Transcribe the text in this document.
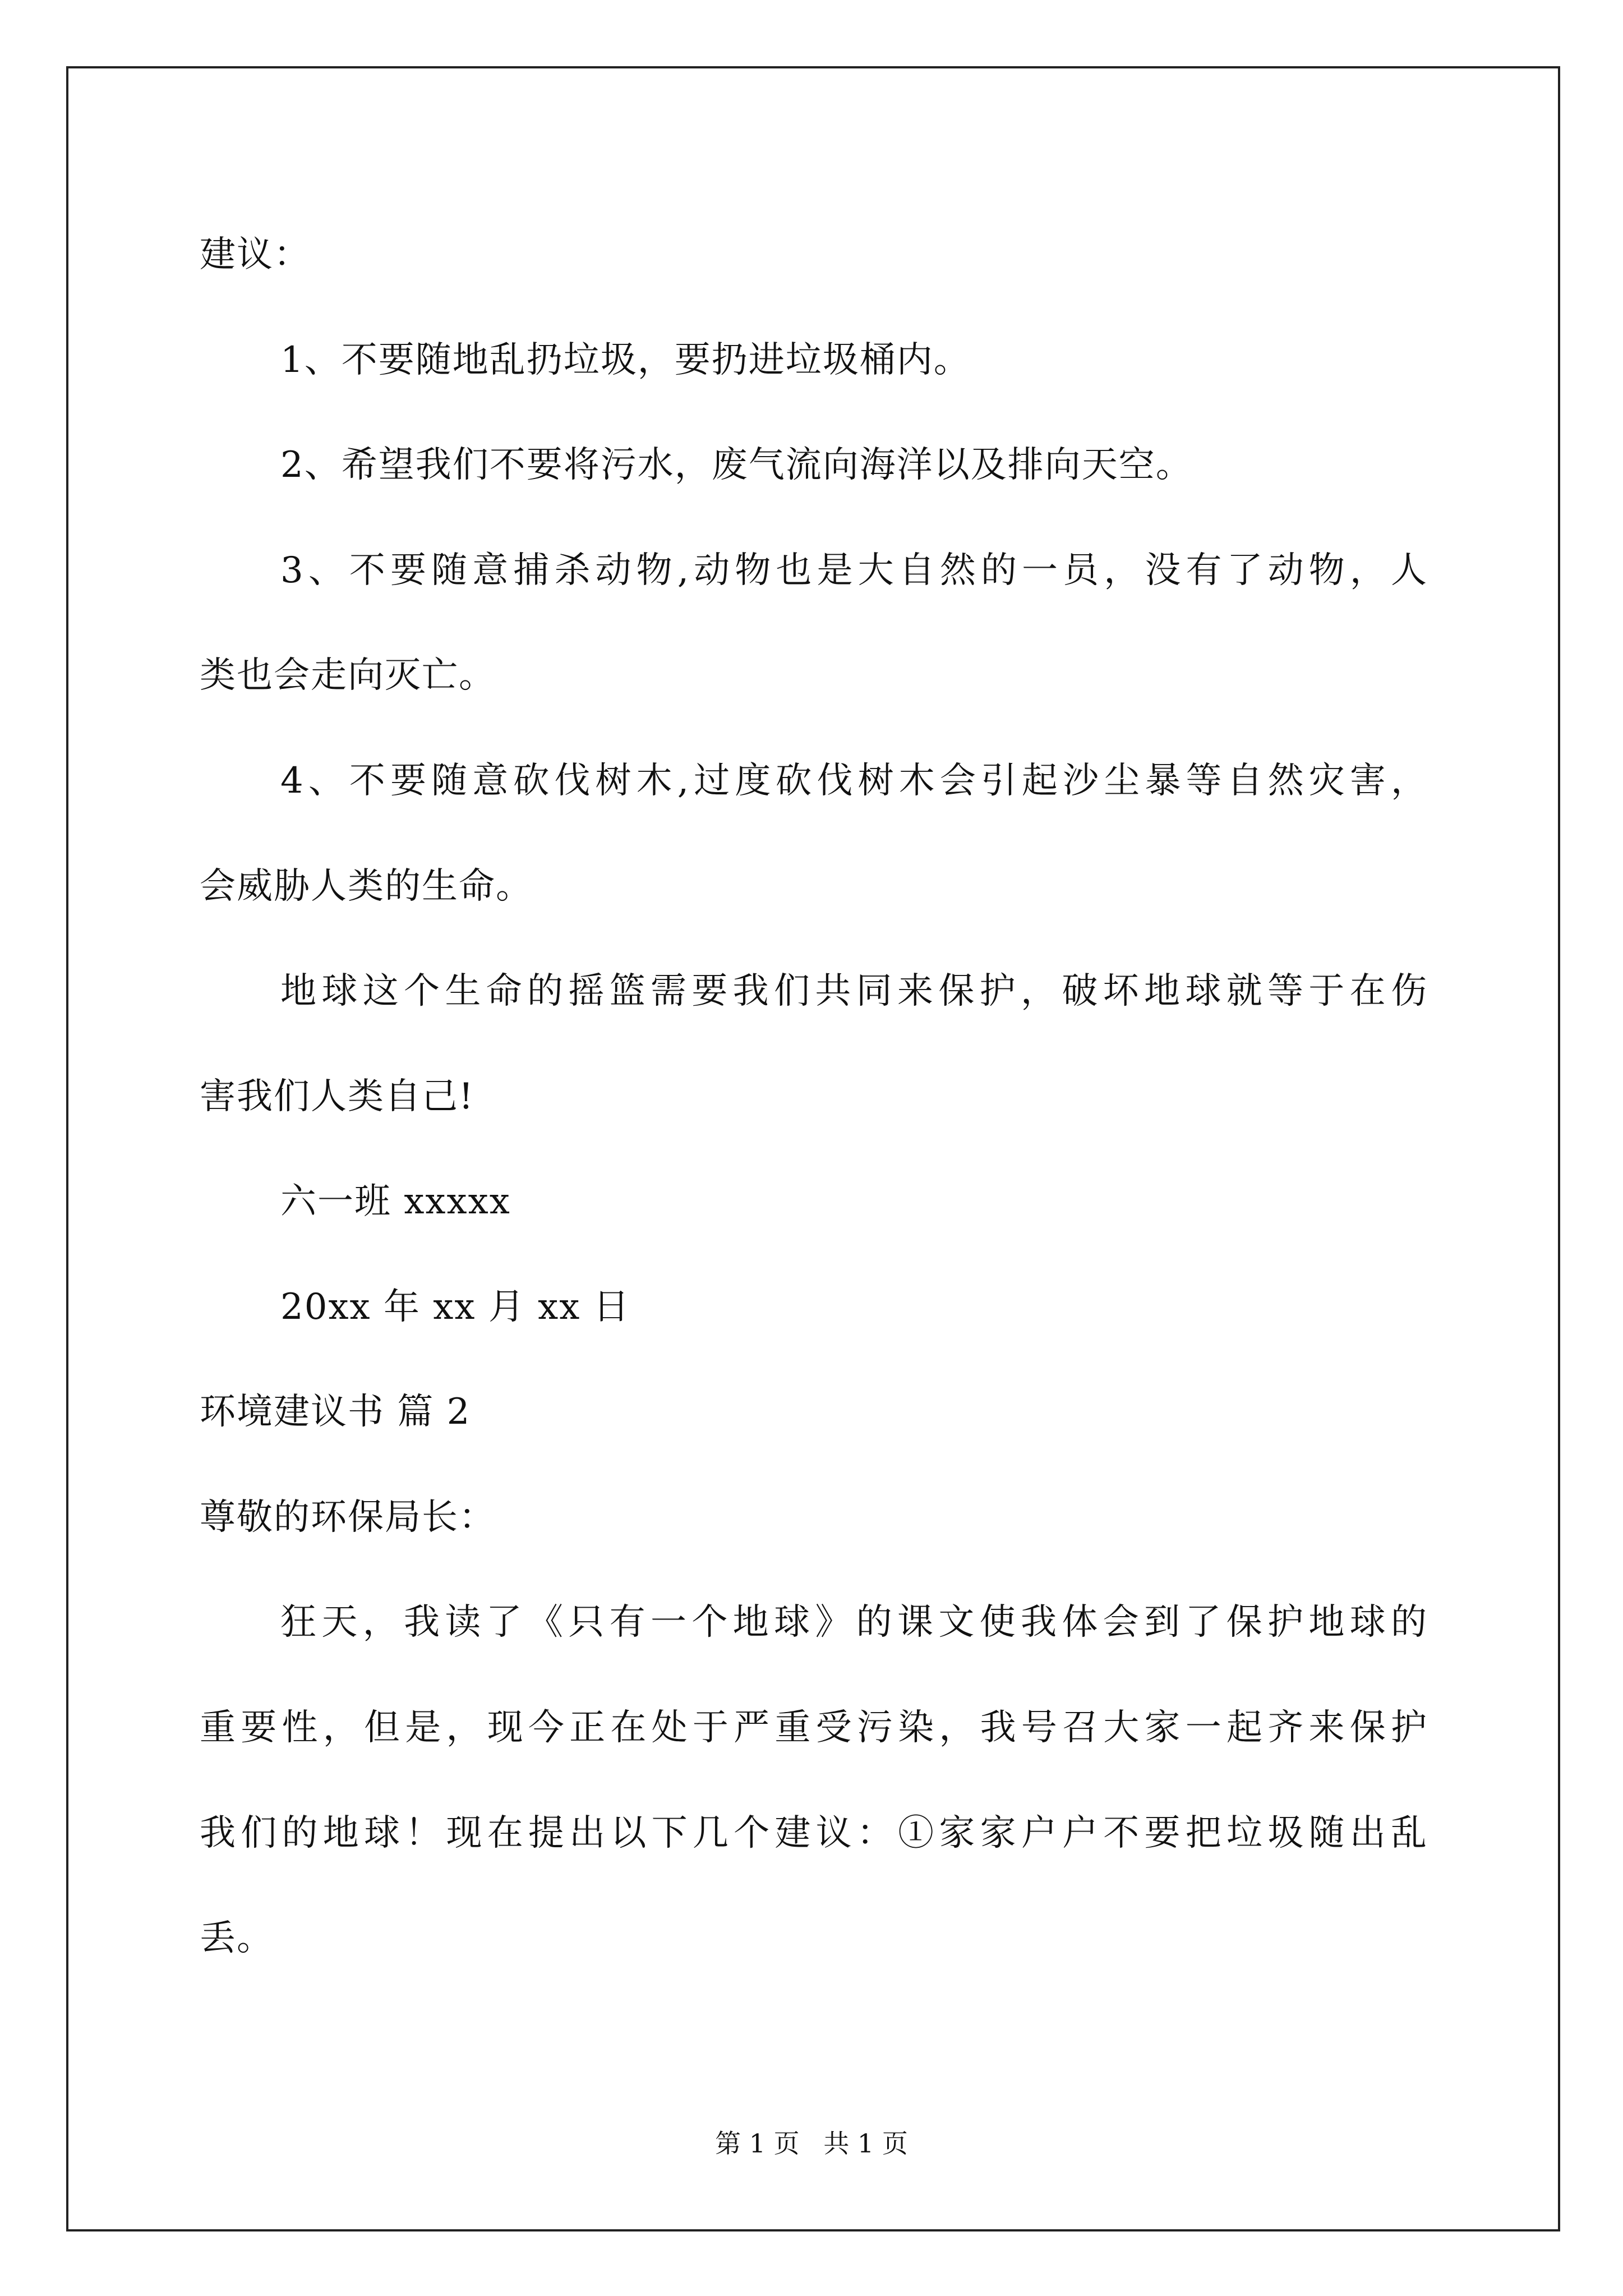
建议：
1、不要随地乱扔垃圾，要扔进垃圾桶内。
2、希望我们不要将污水，废气流向海洋以及排向天空。
3、不要随意捕杀动物,动物也是大自然的一员，没有了动物，人
类也会走向灭亡。
4、不要随意砍伐树木,过度砍伐树木会引起沙尘暴等自然灾害，
会威胁人类的生命。
地球这个生命的摇篮需要我们共同来保护，破坏地球就等于在伤
害我们人类自己!
六一班 xxxxx
20xx 年 xx 月 xx 日
环境建议书 篇 2
尊敬的环保局长：
狂天，我读了《只有一个地球》的课文使我体会到了保护地球的
重要性，但是，现今正在处于严重受污染，我号召大家一起齐来保护
我们的地球！现在提出以下几个建议：①家家户户不要把垃圾随出乱
丢。
第 1 页 共 1 页
